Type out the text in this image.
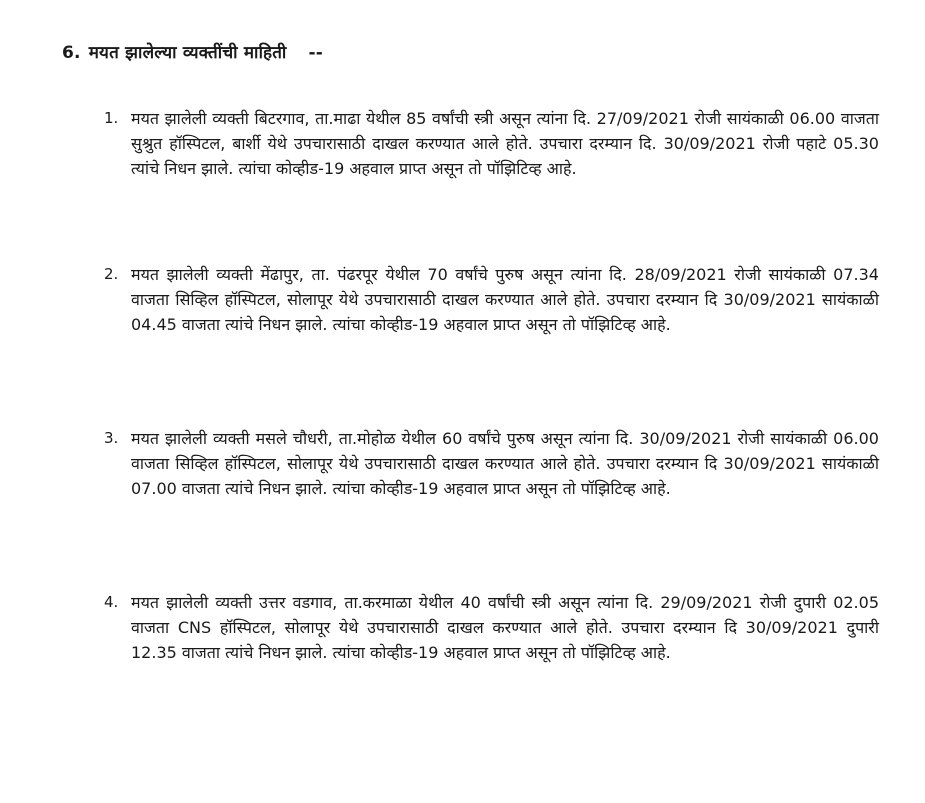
6. मयत झालेल्या व्यक्तींची माहिती --
1. मयत झालेली व्यक्ती बिटरगाव, ता.माढा येथील 85 वर्षांची स्त्री असून त्यांना दि. 27/09/2021 रोजी सायंकाळी 06.00 वाजता सुश्रुत हॉस्पिटल, बार्शी येथे उपचारासाठी दाखल करण्यात आले होते. उपचारा दरम्यान दि. 30/09/2021 रोजी पहाटे 05.30 त्यांचे निधन झाले. त्यांचा कोव्हीड-19 अहवाल प्राप्त असून तो पॉझिटिव्ह आहे.
2. मयत झालेली व्यक्ती मेंढापुर, ता. पंढरपूर येथील 70 वर्षांचे पुरुष असून त्यांना दि. 28/09/2021 रोजी सायंकाळी 07.34 वाजता सिव्हिल हॉस्पिटल, सोलापूर येथे उपचारासाठी दाखल करण्यात आले होते. उपचारा दरम्यान दि 30/09/2021 सायंकाळी 04.45 वाजता त्यांचे निधन झाले. त्यांचा कोव्हीड-19 अहवाल प्राप्त असून तो पॉझिटिव्ह आहे.
3. मयत झालेली व्यक्ती मसले चौधरी, ता.मोहोळ येथील 60 वर्षांचे पुरुष असून त्यांना दि. 30/09/2021 रोजी सायंकाळी 06.00 वाजता सिव्हिल हॉस्पिटल, सोलापूर येथे उपचारासाठी दाखल करण्यात आले होते. उपचारा दरम्यान दि 30/09/2021 सायंकाळी 07.00 वाजता त्यांचे निधन झाले. त्यांचा कोव्हीड-19 अहवाल प्राप्त असून तो पॉझिटिव्ह आहे.
4. मयत झालेली व्यक्ती उत्तर वडगाव, ता.करमाळा येथील 40 वर्षांची स्त्री असून त्यांना दि. 29/09/2021 रोजी दुपारी 02.05 वाजता CNS हॉस्पिटल, सोलापूर येथे उपचारासाठी दाखल करण्यात आले होते. उपचारा दरम्यान दि 30/09/2021 दुपारी 12.35 वाजता त्यांचे निधन झाले. त्यांचा कोव्हीड-19 अहवाल प्राप्त असून तो पॉझिटिव्ह आहे.
